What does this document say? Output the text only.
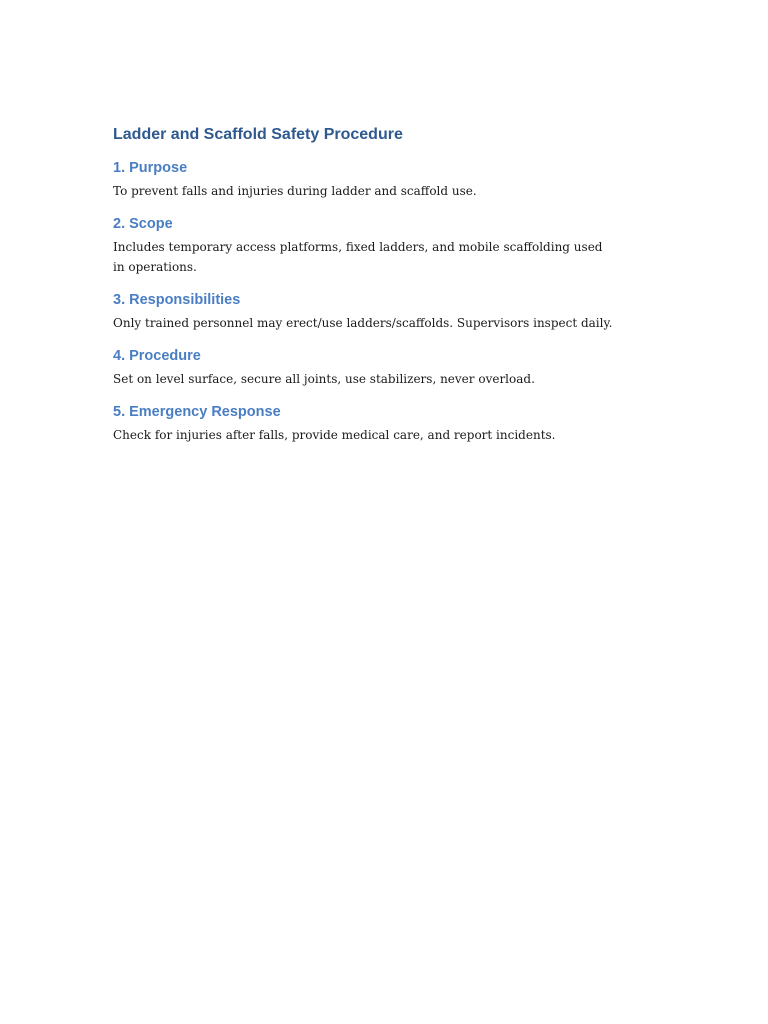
Ladder and Scaffold Safety Procedure
1. Purpose

To prevent falls and injuries during ladder and scaffold use.

2. Scope

Includes temporary access platforms, fixed ladders, and mobile scaffolding used in operations.

3. Responsibilities

Only trained personnel may erect/use ladders/scaffolds. Supervisors inspect daily.

4. Procedure

Set on level surface, secure all joints, use stabilizers, never overload.

5. Emergency Response

Check for injuries after falls, provide medical care, and report incidents.
